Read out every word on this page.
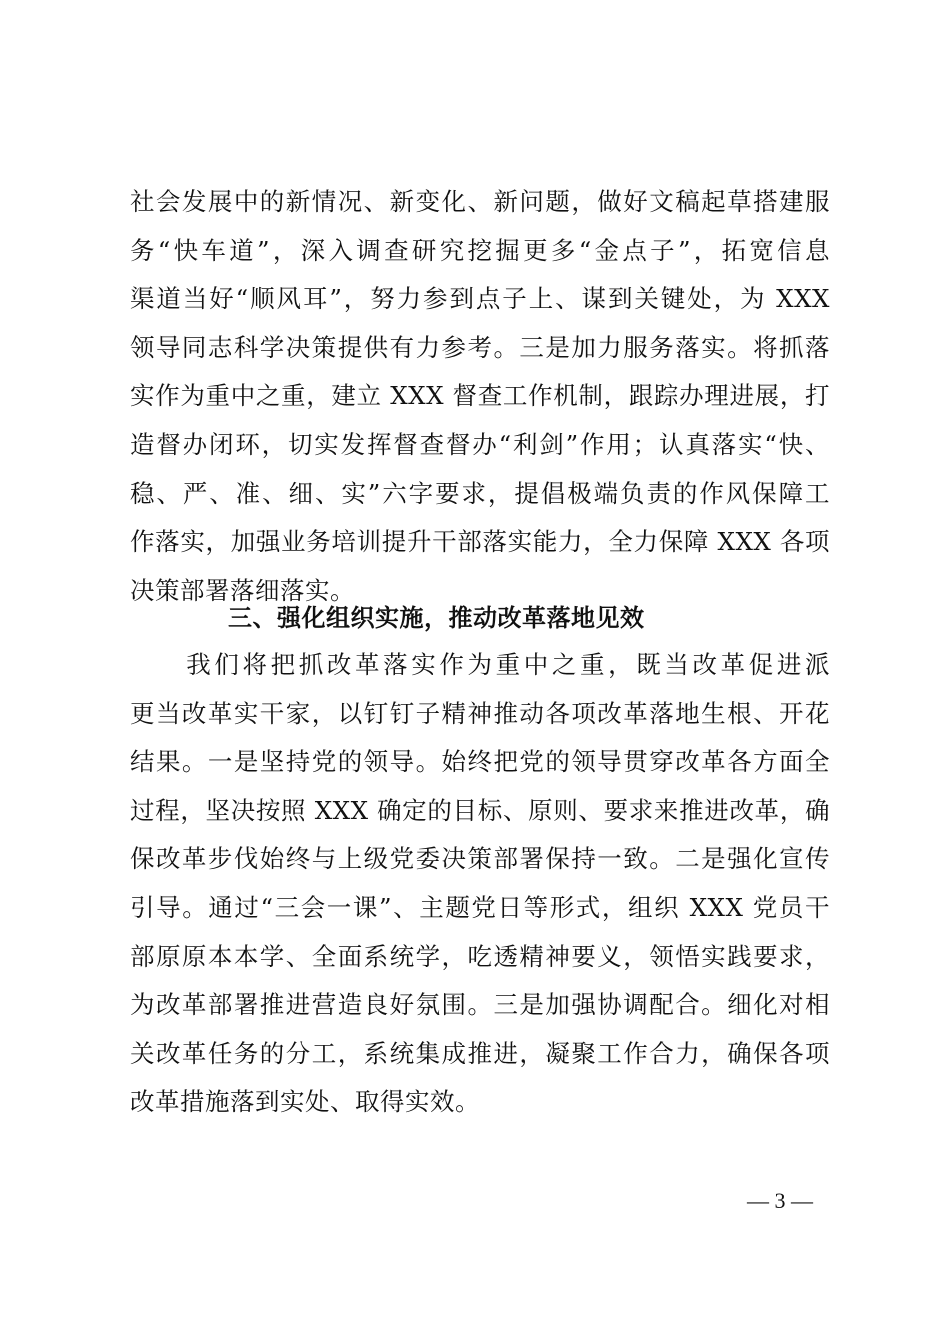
社会发展中的新情况、新变化、新问题，做好文稿起草搭建服
务“快车道”，深入调查研究挖掘更多“金点子”，拓宽信息
渠道当好“顺风耳”，努力参到点子上、谋到关键处，为 XXX
领导同志科学决策提供有力参考。三是加力服务落实。将抓落
实作为重中之重，建立 XXX 督查工作机制，跟踪办理进展，打
造督办闭环，切实发挥督查督办“利剑”作用；认真落实“快、
稳、严、准、细、实”六字要求，提倡极端负责的作风保障工
作落实，加强业务培训提升干部落实能力，全力保障 XXX 各项
决策部署落细落实。
三、强化组织实施，推动改革落地见效
　　我们将把抓改革落实作为重中之重，既当改革促进派
更当改革实干家，以钉钉子精神推动各项改革落地生根、开花
结果。一是坚持党的领导。始终把党的领导贯穿改革各方面全
过程，坚决按照 XXX 确定的目标、原则、要求来推进改革，确
保改革步伐始终与上级党委决策部署保持一致。二是强化宣传
引导。通过“三会一课”、主题党日等形式，组织 XXX 党员干
部原原本本学、全面系统学，吃透精神要义，领悟实践要求，
为改革部署推进营造良好氛围。三是加强协调配合。细化对相
关改革任务的分工，系统集成推进，凝聚工作合力，确保各项
改革措施落到实处、取得实效。
— 3 —
